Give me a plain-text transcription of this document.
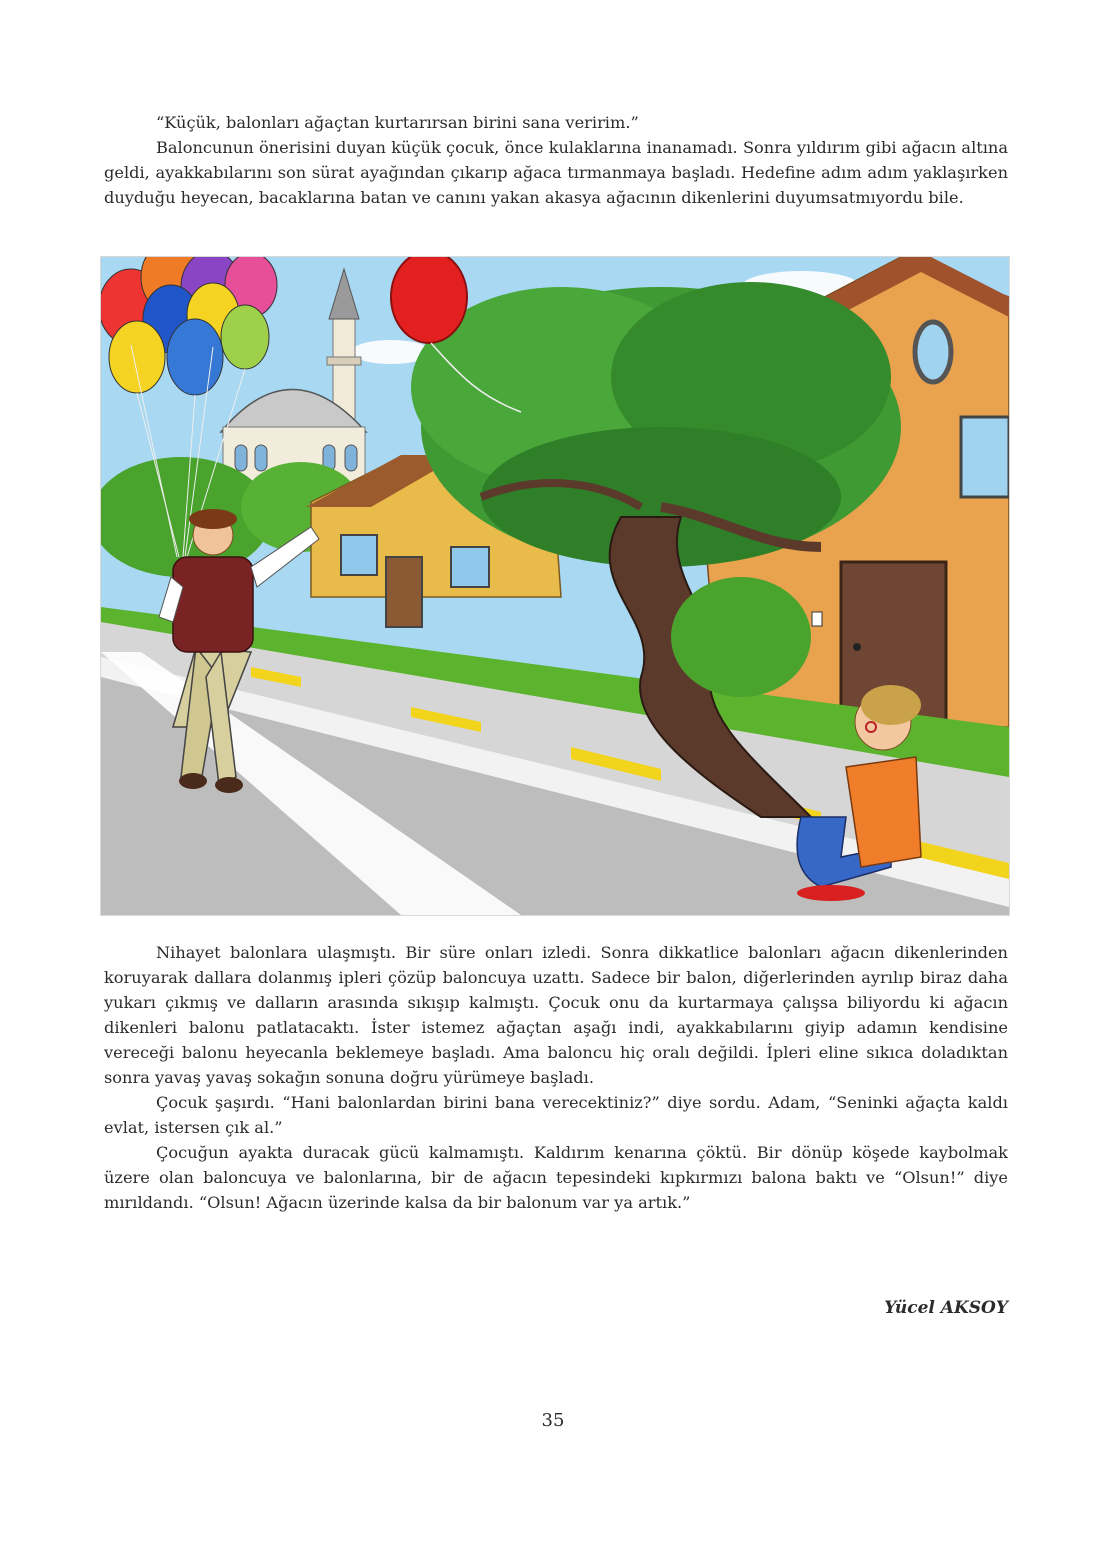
“Küçük, balonları ağaçtan kurtarırsan birini sana veririm.”

Baloncunun önerisini duyan küçük çocuk, önce kulaklarına inanamadı. Sonra yıldırım gibi ağacın altına geldi, ayakkabılarını son sürat ayağından çıkarıp ağaca tırmanmaya başladı. Hedefine adım adım yaklaşırken duyduğu heyecan, bacaklarına batan ve canını yakan akasya ağacının dikenlerini duyumsatmıyordu bile.

Nihayet balonlara ulaşmıştı. Bir süre onları izledi. Sonra dikkatlice balonları ağacın dikenlerinden koruyarak dallara dolanmış ipleri çözüp baloncuya uzattı. Sadece bir balon, diğerlerinden ayrılıp biraz daha yukarı çıkmış ve dalların arasında sıkışıp kalmıştı. Çocuk onu da kurtarmaya çalışsa biliyordu ki ağacın dikenleri balonu patlatacaktı. İster istemez ağaçtan aşağı indi, ayakkabılarını giyip adamın kendisine vereceği balonu heyecanla beklemeye başladı. Ama baloncu hiç oralı değildi. İpleri eline sıkıca doladıktan sonra yavaş yavaş sokağın sonuna doğru yürümeye başladı.

Çocuk şaşırdı. “Hani balonlardan birini bana verecektiniz?” diye sordu. Adam, “Seninki ağaçta kaldı evlat, istersen çık al.”

Çocuğun ayakta duracak gücü kalmamıştı. Kaldırım kenarına çöktü. Bir dönüp köşede kaybolmak üzere olan baloncuya ve balonlarına, bir de ağacın tepesindeki kıpkırmızı balona baktı ve “Olsun!” diye mırıldandı. “Olsun! Ağacın üzerinde kalsa da bir balonum var ya artık.”

Yücel AKSOY
35
